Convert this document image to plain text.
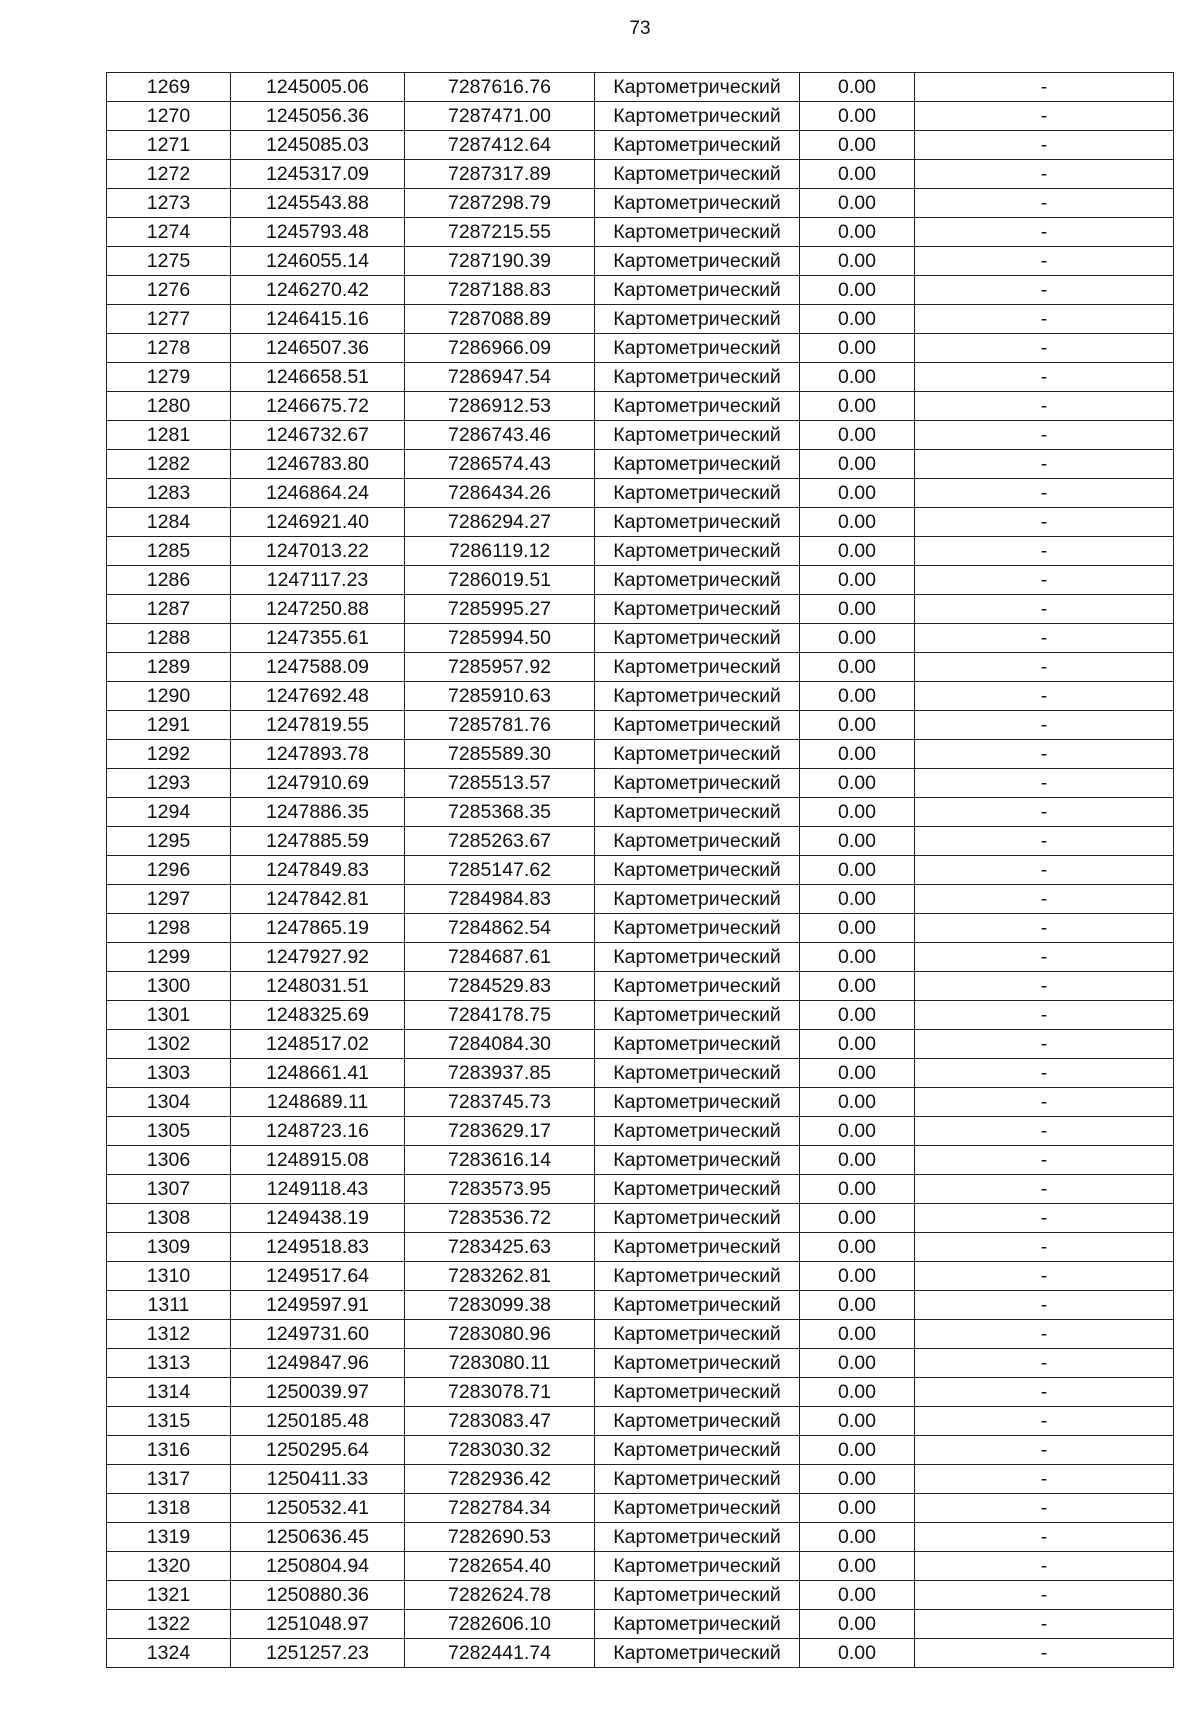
73
1269	1245005.06	7287616.76	Картометрический	0.00	-
1270	1245056.36	7287471.00	Картометрический	0.00	-
1271	1245085.03	7287412.64	Картометрический	0.00	-
1272	1245317.09	7287317.89	Картометрический	0.00	-
1273	1245543.88	7287298.79	Картометрический	0.00	-
1274	1245793.48	7287215.55	Картометрический	0.00	-
1275	1246055.14	7287190.39	Картометрический	0.00	-
1276	1246270.42	7287188.83	Картометрический	0.00	-
1277	1246415.16	7287088.89	Картометрический	0.00	-
1278	1246507.36	7286966.09	Картометрический	0.00	-
1279	1246658.51	7286947.54	Картометрический	0.00	-
1280	1246675.72	7286912.53	Картометрический	0.00	-
1281	1246732.67	7286743.46	Картометрический	0.00	-
1282	1246783.80	7286574.43	Картометрический	0.00	-
1283	1246864.24	7286434.26	Картометрический	0.00	-
1284	1246921.40	7286294.27	Картометрический	0.00	-
1285	1247013.22	7286119.12	Картометрический	0.00	-
1286	1247117.23	7286019.51	Картометрический	0.00	-
1287	1247250.88	7285995.27	Картометрический	0.00	-
1288	1247355.61	7285994.50	Картометрический	0.00	-
1289	1247588.09	7285957.92	Картометрический	0.00	-
1290	1247692.48	7285910.63	Картометрический	0.00	-
1291	1247819.55	7285781.76	Картометрический	0.00	-
1292	1247893.78	7285589.30	Картометрический	0.00	-
1293	1247910.69	7285513.57	Картометрический	0.00	-
1294	1247886.35	7285368.35	Картометрический	0.00	-
1295	1247885.59	7285263.67	Картометрический	0.00	-
1296	1247849.83	7285147.62	Картометрический	0.00	-
1297	1247842.81	7284984.83	Картометрический	0.00	-
1298	1247865.19	7284862.54	Картометрический	0.00	-
1299	1247927.92	7284687.61	Картометрический	0.00	-
1300	1248031.51	7284529.83	Картометрический	0.00	-
1301	1248325.69	7284178.75	Картометрический	0.00	-
1302	1248517.02	7284084.30	Картометрический	0.00	-
1303	1248661.41	7283937.85	Картометрический	0.00	-
1304	1248689.11	7283745.73	Картометрический	0.00	-
1305	1248723.16	7283629.17	Картометрический	0.00	-
1306	1248915.08	7283616.14	Картометрический	0.00	-
1307	1249118.43	7283573.95	Картометрический	0.00	-
1308	1249438.19	7283536.72	Картометрический	0.00	-
1309	1249518.83	7283425.63	Картометрический	0.00	-
1310	1249517.64	7283262.81	Картометрический	0.00	-
1311	1249597.91	7283099.38	Картометрический	0.00	-
1312	1249731.60	7283080.96	Картометрический	0.00	-
1313	1249847.96	7283080.11	Картометрический	0.00	-
1314	1250039.97	7283078.71	Картометрический	0.00	-
1315	1250185.48	7283083.47	Картометрический	0.00	-
1316	1250295.64	7283030.32	Картометрический	0.00	-
1317	1250411.33	7282936.42	Картометрический	0.00	-
1318	1250532.41	7282784.34	Картометрический	0.00	-
1319	1250636.45	7282690.53	Картометрический	0.00	-
1320	1250804.94	7282654.40	Картометрический	0.00	-
1321	1250880.36	7282624.78	Картометрический	0.00	-
1322	1251048.97	7282606.10	Картометрический	0.00	-
1324	1251257.23	7282441.74	Картометрический	0.00	-
